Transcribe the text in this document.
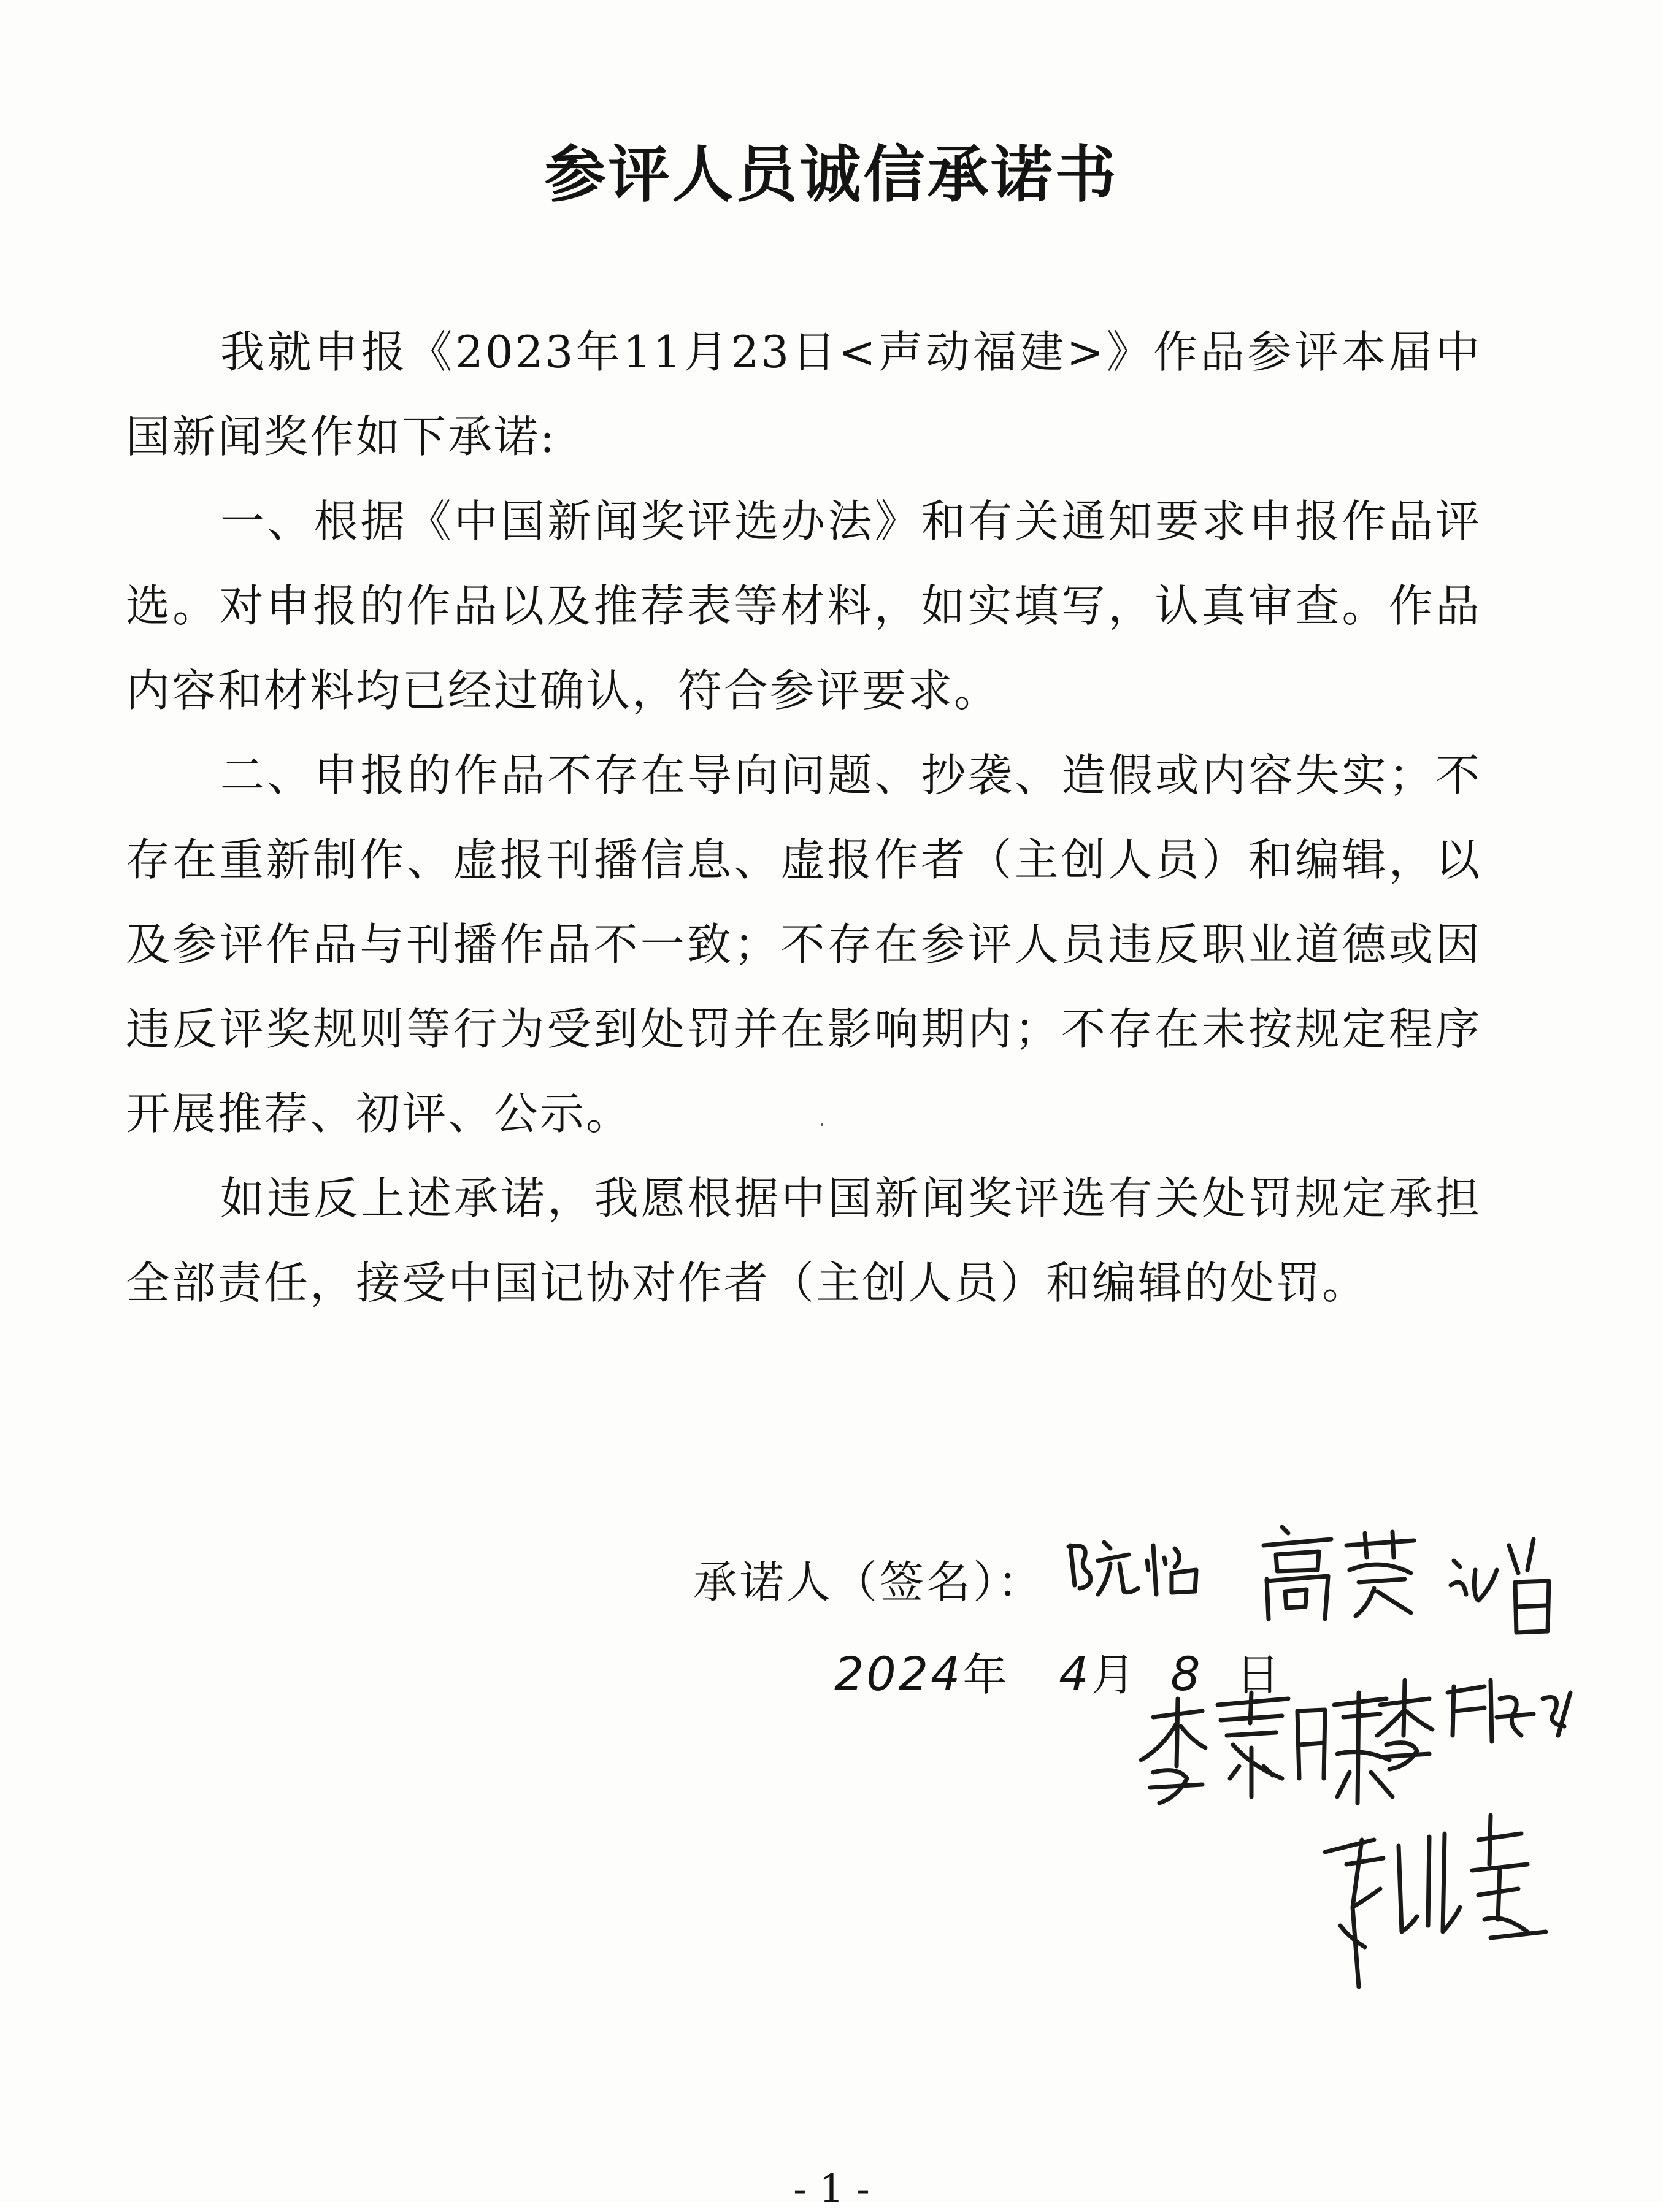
参评人员诚信承诺书

我就申报《2023年11月23日<声动福建>》作品参评本届中国新闻奖作如下承诺:

一、根据《中国新闻奖评选办法》和有关通知要求申报作品评选。对申报的作品以及推荐表等材料，如实填写，认真审查。作品内容和材料均已经过确认，符合参评要求。

二、申报的作品不存在导向问题、抄袭、造假或内容失实；不存在重新制作、虚报刊播信息、虚报作者（主创人员）和编辑，以及参评作品与刊播作品不一致；不存在参评人员违反职业道德或因违反评奖规则等行为受到处罚并在影响期内；不存在未按规定程序开展推荐、初评、公示。

如违反上述承诺，我愿根据中国新闻奖评选有关处罚规定承担全部责任，接受中国记协对作者（主创人员）和编辑的处罚。

承诺人（签名）：
2024年 4月 8 日
- 1 -
